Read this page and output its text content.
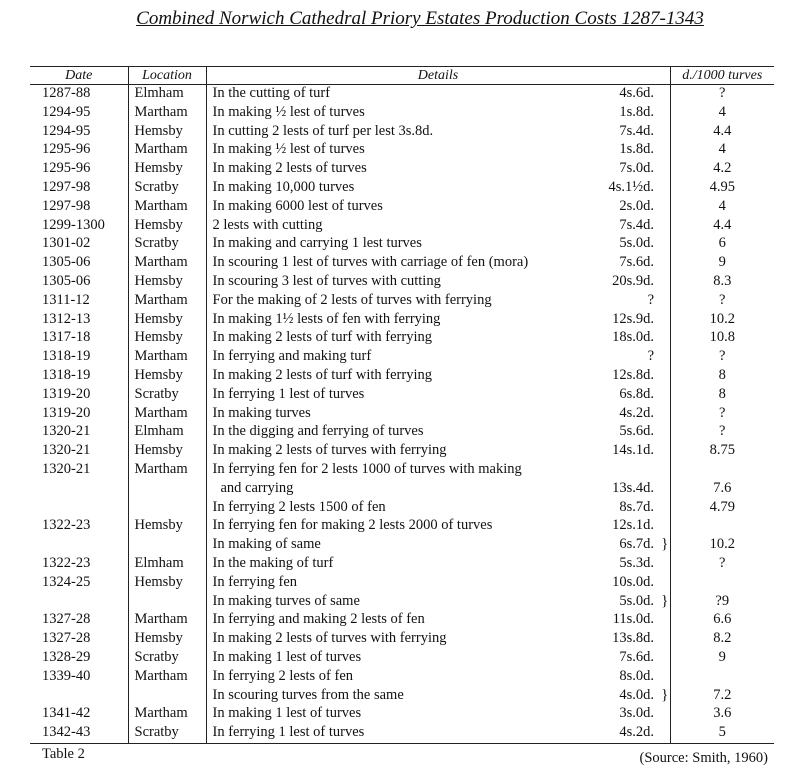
Combined Norwich Cathedral Priory Estates Production Costs 1287-1343
Date	Location	Details			d./1000 turves
1287-88	Elmham	In the cutting of turf	4s.6d.		?
1294-95	Martham	In making ½ lest of turves	1s.8d.		4
1294-95	Hemsby	In cutting 2 lests of turf per lest 3s.8d.	7s.4d.		4.4
1295-96	Martham	In making ½ lest of turves	1s.8d.		4
1295-96	Hemsby	In making 2 lests of turves	7s.0d.		4.2
1297-98	Scratby	In making 10,000 turves	4s.1½d.		4.95
1297-98	Martham	In making 6000 lest of turves	2s.0d.		4
1299-1300	Hemsby	2 lests with cutting	7s.4d.		4.4
1301-02	Scratby	In making and carrying 1 lest turves	5s.0d.		6
1305-06	Martham	In scouring 1 lest of turves with carriage of fen (mora)	7s.6d.		9
1305-06	Hemsby	In scouring 3 lest of turves with cutting	20s.9d.		8.3
1311-12	Martham	For the making of 2 lests of turves with ferrying	?		?
1312-13	Hemsby	In making 1½ lests of fen with ferrying	12s.9d.		10.2
1317-18	Hemsby	In making 2 lests of turf with ferrying	18s.0d.		10.8
1318-19	Martham	In ferrying and making turf	?		?
1318-19	Hemsby	In making 2 lests of turf with ferrying	12s.8d.		8
1319-20	Scratby	In ferrying 1 lest of turves	6s.8d.		8
1319-20	Martham	In making turves	4s.2d.		?
1320-21	Elmham	In the digging and ferrying of turves	5s.6d.		?
1320-21	Hemsby	In making 2 lests of turves with ferrying	14s.1d.		8.75
1320-21	Martham	In ferrying fen for 2 lests 1000 of turves with making			
		and carrying	13s.4d.		7.6
		In ferrying 2 lests 1500 of fen	8s.7d.		4.79
1322-23	Hemsby	In ferrying fen for making 2 lests 2000 of turves	12s.1d.		
		In making of same	6s.7d.	}	10.2
1322-23	Elmham	In the making of turf	5s.3d.		?
1324-25	Hemsby	In ferrying fen	10s.0d.		
		In making turves of same	5s.0d.	}	?9
1327-28	Martham	In ferrying and making 2 lests of fen	11s.0d.		6.6
1327-28	Hemsby	In making 2 lests of turves with ferrying	13s.8d.		8.2
1328-29	Scratby	In making 1 lest of turves	7s.6d.		9
1339-40	Martham	In ferrying 2 lests of fen	8s.0d.		
		In scouring turves from the same	4s.0d.	}	7.2
1341-42	Martham	In making 1 lest of turves	3s.0d.		3.6
1342-43	Scratby	In ferrying 1 lest of turves	4s.2d.		5
Table 2	(Source: Smith, 1960)
